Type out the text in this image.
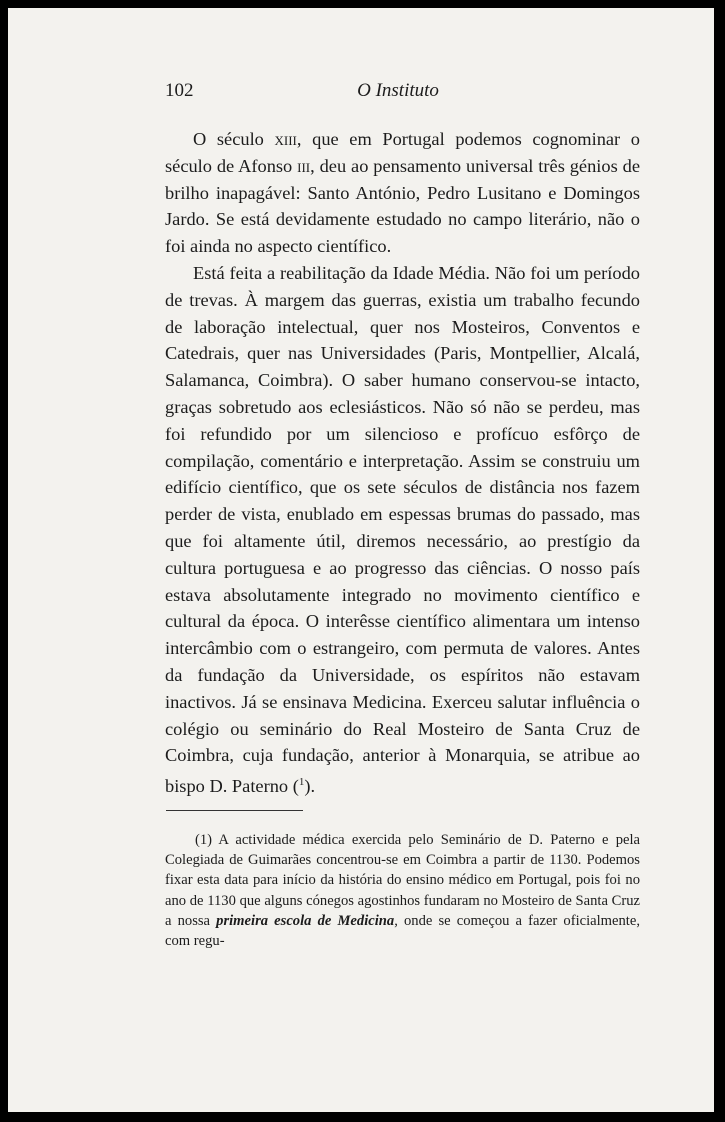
102	O Instituto

O século xiii, que em Portugal podemos cognominar o século de Afonso iii, deu ao pensamento universal três génios de brilho inapagável: Santo António, Pedro Lusitano e Domingos Jardo. Se está devidamente estudado no campo literário, não o foi ainda no aspecto científico.

Está feita a reabilitação da Idade Média. Não foi um período de trevas. À margem das guerras, existia um trabalho fecundo de laboração intelectual, quer nos Mosteiros, Conventos e Catedrais, quer nas Universidades (Paris, Montpellier, Alcalá, Salamanca, Coimbra). O saber humano conservou-se intacto, graças sobretudo aos eclesiásticos. Não só não se perdeu, mas foi refundido por um silencioso e profícuo esfôrço de compilação, comentário e interpretação. Assim se construiu um edifício científico, que os sete séculos de distância nos fazem perder de vista, enublado em espessas brumas do passado, mas que foi altamente útil, diremos necessário, ao prestígio da cultura portuguesa e ao progresso das ciências. O nosso país estava absolutamente integrado no movimento científico e cultural da época. O interêsse científico alimentara um intenso intercâmbio com o estrangeiro, com permuta de valores. Antes da fundação da Universidade, os espíritos não estavam inactivos. Já se ensinava Medicina. Exerceu salutar influência o colégio ou seminário do Real Mosteiro de Santa Cruz de Coimbra, cuja fundação, anterior à Monarquia, se atribue ao bispo D. Paterno ($^1$).

(1) A actividade médica exercida pelo Seminário de D. Paterno e pela Colegiada de Guimarães concentrou-se em Coimbra a partir de 1130. Podemos fixar esta data para início da história do ensino médico em Portugal, pois foi no ano de 1130 que alguns cónegos agostinhos fundaram no Mosteiro de Santa Cruz a nossa primeira escola de Medicina, onde se começou a fazer oficialmente, com regu-
